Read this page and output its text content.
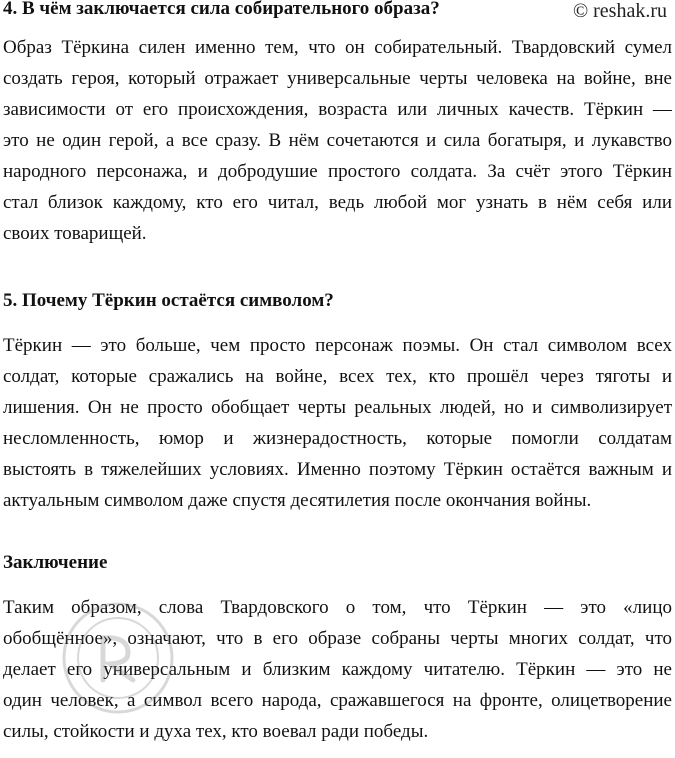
© reshak.ru
4. В чём заключается сила собирательного образа?
Образ Тёркина силен именно тем, что он собирательный. Твардовский сумел
создать героя, который отражает универсальные черты человека на войне, вне
зависимости от его происхождения, возраста или личных качеств. Тёркин —
это не один герой, а все сразу. В нём сочетаются и сила богатыря, и лукавство
народного персонажа, и добродушие простого солдата. За счёт этого Тёркин
стал близок каждому, кто его читал, ведь любой мог узнать в нём себя или
своих товарищей.
5. Почему Тёркин остаётся символом?
Тёркин — это больше, чем просто персонаж поэмы. Он стал символом всех
солдат, которые сражались на войне, всех тех, кто прошёл через тяготы и
лишения. Он не просто обобщает черты реальных людей, но и символизирует
несломленность, юмор и жизнерадостность, которые помогли солдатам
выстоять в тяжелейших условиях. Именно поэтому Тёркин остаётся важным и
актуальным символом даже спустя десятилетия после окончания войны.
Заключение
Таким образом, слова Твардовского о том, что Тёркин — это «лицо
обобщённое», означают, что в его образе собраны черты многих солдат, что
делает его универсальным и близким каждому читателю. Тёркин — это не
один человек, а символ всего народа, сражавшегося на фронте, олицетворение
силы, стойкости и духа тех, кто воевал ради победы.
